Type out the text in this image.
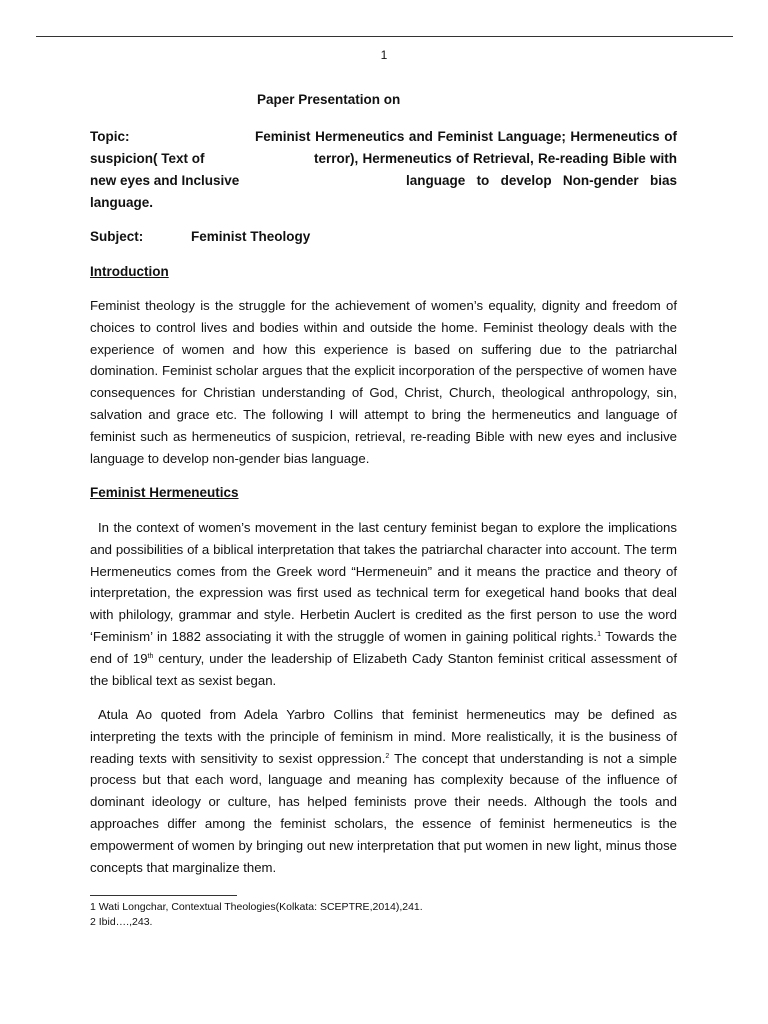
1
Paper Presentation on
Topic:	Feminist Hermeneutics and Feminist Language; Hermeneutics of
suspicion( Text of	terror), Hermeneutics of Retrieval, Re-reading Bible with
new eyes and Inclusive	language to develop Non-gender bias
language.
Subject:	Feminist Theology
Introduction

Feminist theology is the struggle for the achievement of women’s equality, dignity and freedom of choices to control lives and bodies within and outside the home. Feminist theology deals with the experience of women and how this experience is based on suffering due to the patriarchal domination. Feminist scholar argues that the explicit incorporation of the perspective of women have consequences for Christian understanding of God, Christ, Church, theological anthropology, sin, salvation and grace etc. The following I will attempt to bring the hermeneutics and language of feminist such as hermeneutics of suspicion, retrieval, re-reading Bible with new eyes and inclusive language to develop non-gender bias language.

Feminist Hermeneutics

In the context of women’s movement in the last century feminist began to explore the implications and possibilities of a biblical interpretation that takes the patriarchal character into account. The term Hermeneutics comes from the Greek word “Hermeneuin” and it means the practice and theory of interpretation, the expression was first used as technical term for exegetical hand books that deal with philology, grammar and style. Herbetin Auclert is credited as the first person to use the word ‘Feminism’ in 1882 associating it with the struggle of women in gaining political rights.$^1$ Towards the end of 19th century, under the leadership of Elizabeth Cady Stanton feminist critical assessment of the biblical text as sexist began.

Atula Ao quoted from Adela Yarbro Collins that feminist hermeneutics may be defined as interpreting the texts with the principle of feminism in mind. More realistically, it is the business of reading texts with sensitivity to sexist oppression.$^2$ The concept that understanding is not a simple process but that each word, language and meaning has complexity because of the influence of dominant ideology or culture, has helped feminists prove their needs. Although the tools and approaches differ among the feminist scholars, the essence of feminist hermeneutics is the empowerment of women by bringing out new interpretation that put women in new light, minus those concepts that marginalize them.

1 Wati Longchar, Contextual Theologies(Kolkata: SCEPTRE,2014),241.
2 Ibid….,243.
